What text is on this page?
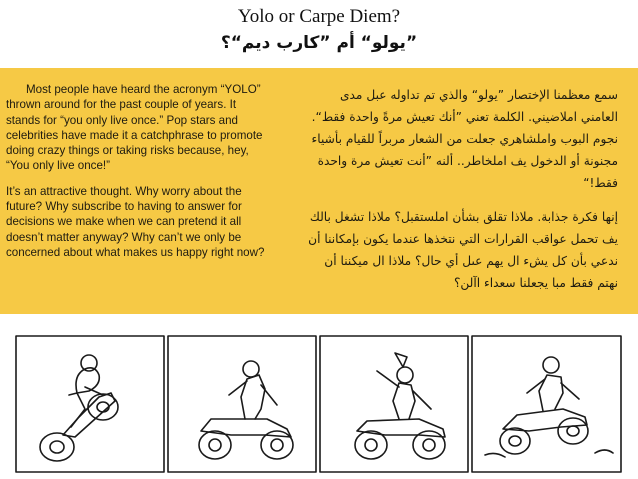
Yolo or Carpe Diem?
”يولو“ أم ”كارب ديم“؟

Most people have heard the acronym “YOLO” thrown around for the past couple of years. It stands for “you only live once.” Pop stars and celebrities have made it a catchphrase to promote doing crazy things or taking risks because, hey, “You only live once!”

It’s an attractive thought. Why worry about the future? Why subscribe to having to answer for decisions we make when we can pretend it all doesn’t matter anyway? Why can’t we only be concerned about what makes us happy right now?

سمع معظمنا الإختصار ”يولو“ والذي تم تداوله عبل مدى العامني املاضيني. الكلمة تعني ”أنك تعيش مرةً واحدة فقط“. نجوم البوب وامل​شاهري جعلت من الشعار مربراً للقيام بأشياء مجنونة أو الدخول يف امل​خاطر.. ألنه ”أنت تعيش مرة واحدة فقط!“

إنها فكرة جذابة. ملاذا تقلق بشأن املستقبل؟ ملاذا تشغل بالك يف تحمل عواقب القرارات التي نتخذها عندما يكون بإمكاننا أن ندعي بأن كل يشء ال يهم عىل أي حال؟ ملاذا ال ميكننا أن نهتم فقط مبا يجعلنا سعداء اآلن؟
